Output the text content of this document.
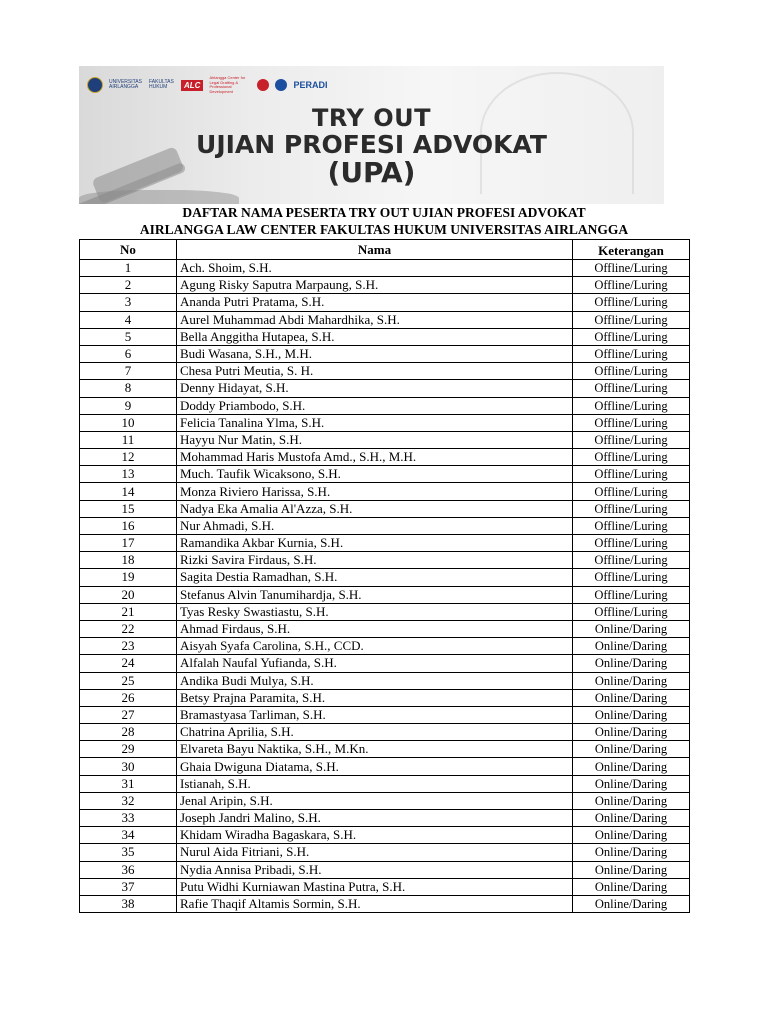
UNIVERSITAS AIRLANGGA
FAKULTAS HUKUM	ALC
Airlangga Center for Legal Drafting & Professional Development
PERADI
TRY OUT
UJIAN PROFESI ADVOKAT
(UPA)
DAFTAR NAMA PESERTA TRY OUT UJIAN PROFESI ADVOKAT
AIRLANGGA LAW CENTER FAKULTAS HUKUM UNIVERSITAS AIRLANGGA
No	Nama	Keterangan
1	Ach. Shoim, S.H.	Offline/Luring
2	Agung Risky Saputra Marpaung, S.H.	Offline/Luring
3	Ananda Putri Pratama, S.H.	Offline/Luring
4	Aurel Muhammad Abdi Mahardhika, S.H.	Offline/Luring
5	Bella Anggitha Hutapea, S.H.	Offline/Luring
6	Budi Wasana, S.H., M.H.	Offline/Luring
7	Chesa Putri Meutia, S. H.	Offline/Luring
8	Denny Hidayat, S.H.	Offline/Luring
9	Doddy Priambodo, S.H.	Offline/Luring
10	Felicia Tanalina Ylma, S.H.	Offline/Luring
11	Hayyu Nur Matin, S.H.	Offline/Luring
12	Mohammad Haris Mustofa Amd., S.H., M.H.	Offline/Luring
13	Much. Taufik Wicaksono, S.H.	Offline/Luring
14	Monza Riviero Harissa, S.H.	Offline/Luring
15	Nadya Eka Amalia Al'Azza, S.H.	Offline/Luring
16	Nur Ahmadi, S.H.	Offline/Luring
17	Ramandika Akbar Kurnia, S.H.	Offline/Luring
18	Rizki Savira Firdaus, S.H.	Offline/Luring
19	Sagita Destia Ramadhan, S.H.	Offline/Luring
20	Stefanus Alvin Tanumihardja, S.H.	Offline/Luring
21	Tyas Resky Swastiastu, S.H.	Offline/Luring
22	Ahmad Firdaus, S.H.	Online/Daring
23	Aisyah Syafa Carolina, S.H., CCD.	Online/Daring
24	Alfalah Naufal Yufianda, S.H.	Online/Daring
25	Andika Budi Mulya, S.H.	Online/Daring
26	Betsy Prajna Paramita, S.H.	Online/Daring
27	Bramastyasa Tarliman, S.H.	Online/Daring
28	Chatrina Aprilia, S.H.	Online/Daring
29	Elvareta Bayu Naktika, S.H., M.Kn.	Online/Daring
30	Ghaia Dwiguna Diatama, S.H.	Online/Daring
31	Istianah, S.H.	Online/Daring
32	Jenal Aripin, S.H.	Online/Daring
33	Joseph Jandri Malino, S.H.	Online/Daring
34	Khidam Wiradha Bagaskara, S.H.	Online/Daring
35	Nurul Aida Fitriani, S.H.	Online/Daring
36	Nydia Annisa Pribadi, S.H.	Online/Daring
37	Putu Widhi Kurniawan Mastina Putra, S.H.	Online/Daring
38	Rafie Thaqif Altamis Sormin, S.H.	Online/Daring
